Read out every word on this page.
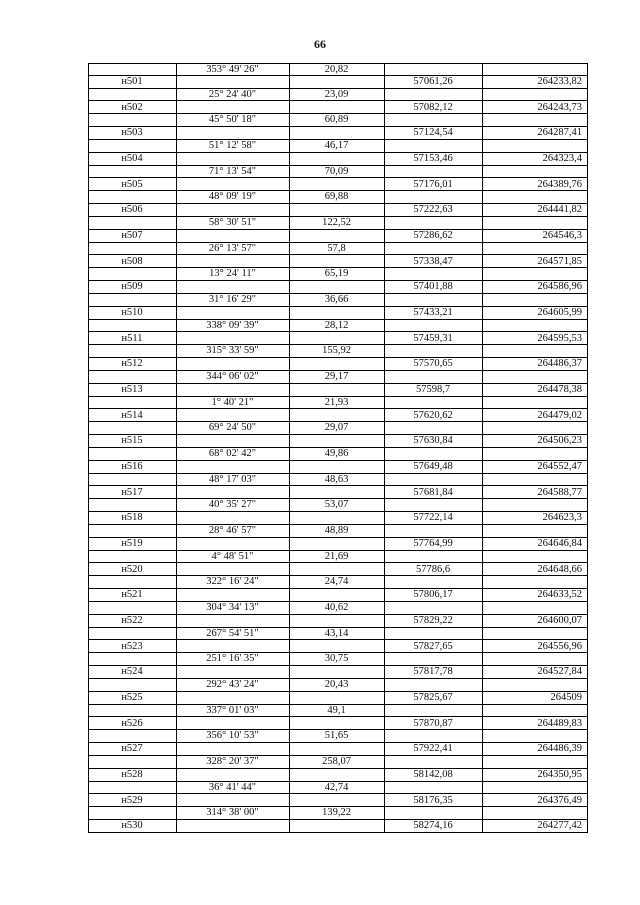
66
353° 49' 26"	20,82
н501	57061,26	264233,82
25° 24' 40"	23,09
н502	57082,12	264243,73
45° 50' 18"	60,89
н503	57124,54	264287,41
51° 12' 58"	46,17
н504	57153,46	264323,4
71° 13' 54"	70,09
н505	57176,01	264389,76
48° 09' 19"	69,88
н506	57222,63	264441,82
58° 30' 51"	122,52
н507	57286,62	264546,3
26° 13' 57"	57,8
н508	57338,47	264571,85
13° 24' 11"	65,19
н509	57401,88	264586,96
31° 16' 29"	36,66
н510	57433,21	264605,99
338° 09' 39"	28,12
н511	57459,31	264595,53
315° 33' 59"	155,92
н512	57570,65	264486,37
344° 06' 02"	29,17
н513	57598,7	264478,38
1° 40' 21"	21,93
н514	57620,62	264479,02
69° 24' 50"	29,07
н515	57630,84	264506,23
68° 02' 42"	49,86
н516	57649,48	264552,47
48° 17' 03"	48,63
н517	57681,84	264588,77
40° 35' 27"	53,07
н518	57722,14	264623,3
28° 46' 57"	48,89
н519	57764,99	264646,84
4° 48' 51"	21,69
н520	57786,6	264648,66
322° 16' 24"	24,74
н521	57806,17	264633,52
304° 34' 13"	40,62
н522	57829,22	264600,07
267° 54' 51"	43,14
н523	57827,65	264556,96
251° 16' 35"	30,75
н524	57817,78	264527,84
292° 43' 24"	20,43
н525	57825,67	264509
337° 01' 03"	49,1
н526	57870,87	264489,83
356° 10' 53"	51,65
н527	57922,41	264486,39
328° 20' 37"	258,07
н528	58142,08	264350,95
36° 41' 44"	42,74
н529	58176,35	264376,49
314° 38' 00"	139,22
н530	58274,16	264277,42
